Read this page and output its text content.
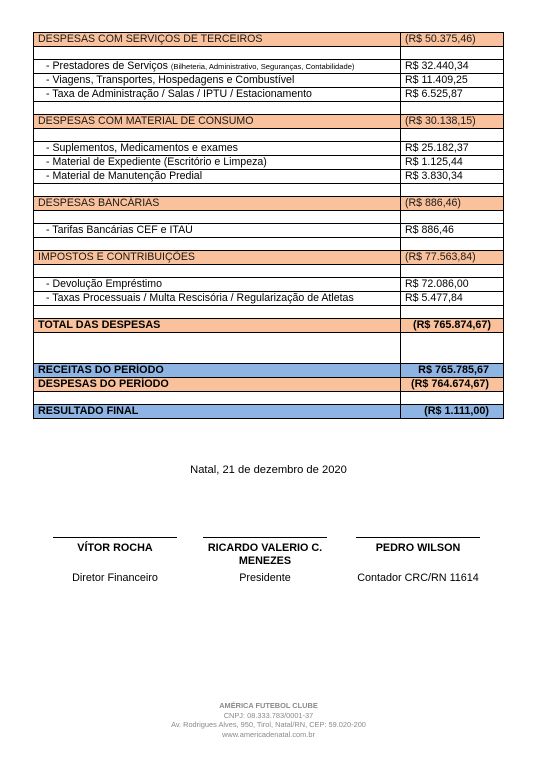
DESPESAS COM SERVIÇOS DE TERCEIROS	(R$ 50.375,46)

- Prestadores de Serviços (Bilheteria, Administrativo, Seguranças, Contabilidade)	R$ 32.440,34
- Viagens, Transportes, Hospedagens e Combustível	R$ 11.409,25
- Taxa de Administração / Salas / IPTU / Estacionamento	R$ 6.525,87

DESPESAS COM MATERIAL DE CONSUMO	(R$ 30.138,15)

- Suplementos, Medicamentos e exames	R$ 25.182,37
- Material de Expediente (Escritório e Limpeza)	R$ 1.125,44
- Material de Manutenção Predial	R$ 3.830,34

DESPESAS BANCÁRIAS	(R$ 886,46)

- Tarifas Bancárias CEF e ITAÚ	R$ 886,46

IMPOSTOS E CONTRIBUIÇÕES	(R$ 77.563,84)

- Devolução Empréstimo	R$ 72.086,00
- Taxas Processuais / Multa Rescisória / Regularização de Atletas	R$ 5.477,84

TOTAL DAS DESPESAS	(R$ 765.874,67)

RECEITAS DO PERÍODO	R$ 765.785,67
DESPESAS DO PERÍODO	(R$ 764.674,67)

RESULTADO FINAL	(R$ 1.111,00)
Natal, 21 de dezembro de 2020
VÍTOR ROCHA
Diretor Financeiro
RICARDO VALERIO C. MENEZES
Presidente
PEDRO WILSON
Contador CRC/RN 11614
AMÉRICA FUTEBOL CLUBE
CNPJ: 08.333.783/0001-37
Av. Rodrigues Alves, 950, Tirol, Natal/RN, CEP: 59.020-200
www.americadenatal.com.br
